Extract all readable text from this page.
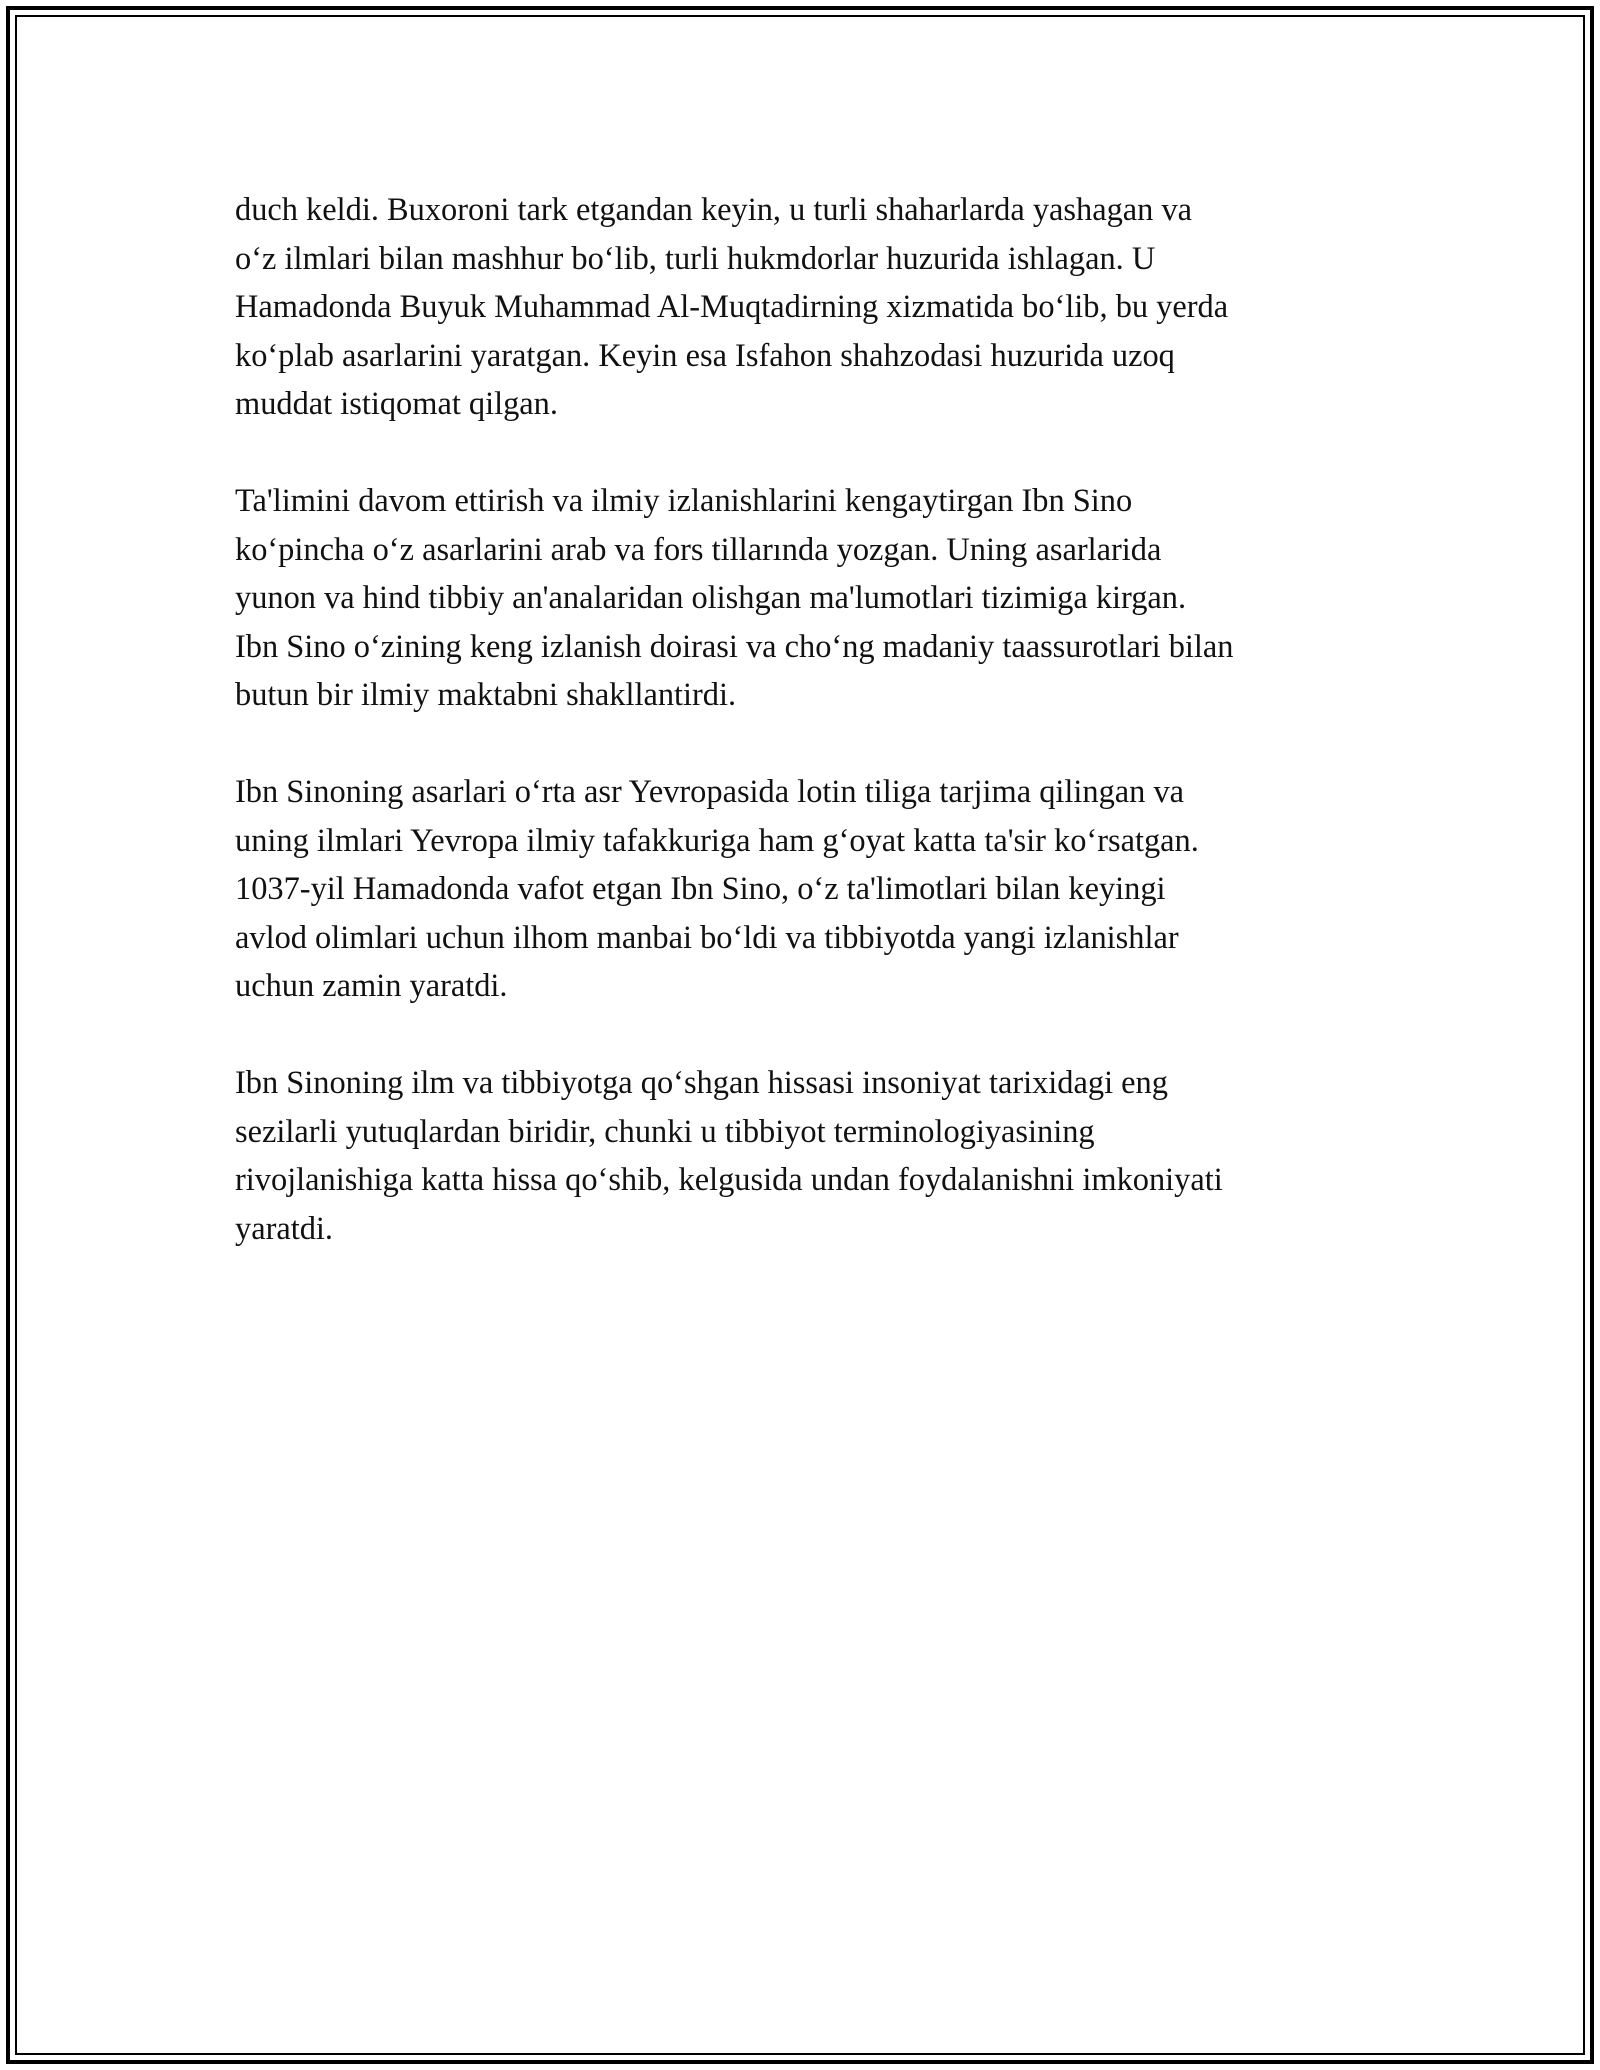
duch keldi. Buxoroni tark etgandan keyin, u turli shaharlarda yashagan va
o‘z ilmlari bilan mashhur bo‘lib, turli hukmdorlar huzurida ishlagan. U
Hamadonda Buyuk Muhammad Al-Muqtadirning xizmatida bo‘lib, bu yerda
ko‘plab asarlarini yaratgan. Keyin esa Isfahon shahzodasi huzurida uzoq
muddat istiqomat qilgan.

Ta'limini davom ettirish va ilmiy izlanishlarini kengaytirgan Ibn Sino
ko‘pincha o‘z asarlarini arab va fors tillarında yozgan. Uning asarlarida
yunon va hind tibbiy an'analaridan olishgan ma'lumotlari tizimiga kirgan.
Ibn Sino o‘zining keng izlanish doirasi va cho‘ng madaniy taassurotlari bilan
butun bir ilmiy maktabni shakllantirdi.

Ibn Sinoning asarlari o‘rta asr Yevropasida lotin tiliga tarjima qilingan va
uning ilmlari Yevropa ilmiy tafakkuriga ham g‘oyat katta ta'sir ko‘rsatgan.
1037-yil Hamadonda vafot etgan Ibn Sino, o‘z ta'limotlari bilan keyingi
avlod olimlari uchun ilhom manbai bo‘ldi va tibbiyotda yangi izlanishlar
uchun zamin yaratdi.

Ibn Sinoning ilm va tibbiyotga qo‘shgan hissasi insoniyat tarixidagi eng
sezilarli yutuqlardan biridir, chunki u tibbiyot terminologiyasining
rivojlanishiga katta hissa qo‘shib, kelgusida undan foydalanishni imkoniyati
yaratdi.
